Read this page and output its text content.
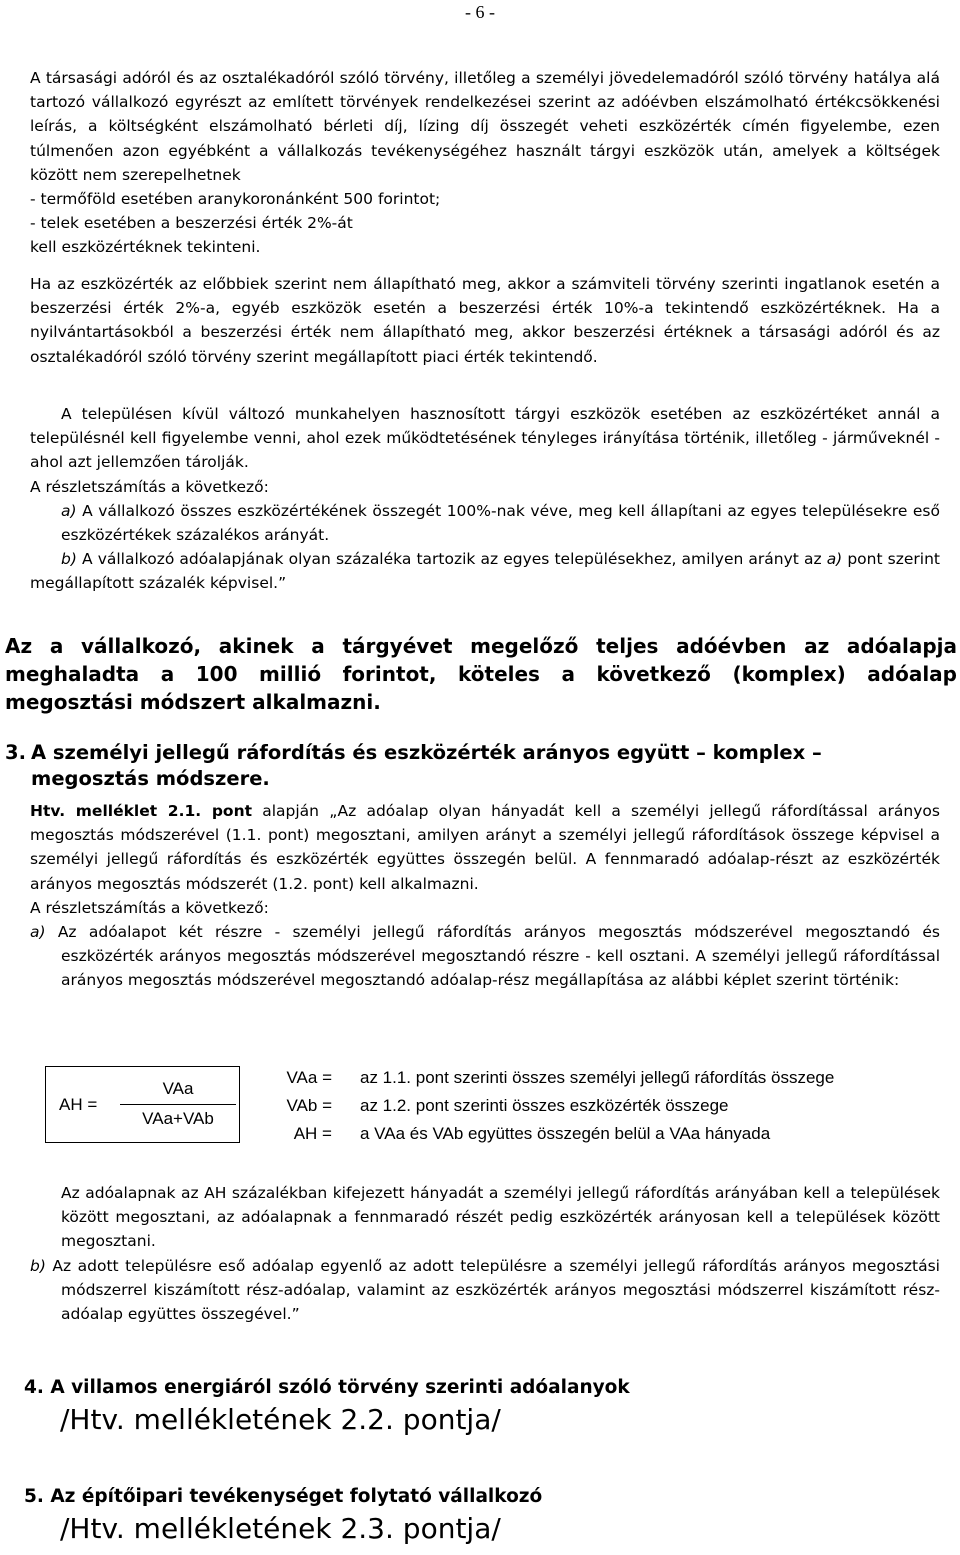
- 6 -

A társasági adóról és az osztalékadóról szóló törvény, illetőleg a személyi jövedelemadóról szóló törvény hatálya alá tartozó vállalkozó egyrészt az említett törvények rendelkezései szerint az adóévben elszámolható értékcsökkenési leírás, a költségként elszámolható bérleti díj, lízing díj összegét veheti eszközérték címén figyelembe, ezen túlmenően azon egyébként a vállalkozás tevékenységéhez használt tárgyi eszközök után, amelyek a költségek között nem szerepelhetnek

- termőföld esetében aranykoronánként 500 forintot;

- telek esetében a beszerzési érték 2%-át

kell eszközértéknek tekinteni.

Ha az eszközérték az előbbiek szerint nem állapítható meg, akkor a számviteli törvény szerinti ingatlanok esetén a beszerzési érték 2%-a, egyéb eszközök esetén a beszerzési érték 10%-a tekintendő eszközértéknek. Ha a nyilvántartásokból a beszerzési érték nem állapítható meg, akkor beszerzési értéknek a társasági adóról és az osztalékadóról szóló törvény szerint megállapított piaci érték tekintendő.

A településen kívül változó munkahelyen hasznosított tárgyi eszközök esetében az eszközértéket annál a településnél kell figyelembe venni, ahol ezek működtetésének tényleges irányítása történik, illetőleg - járműveknél - ahol azt jellemzően tárolják.

A részletszámítás a következő:

a) A vállalkozó összes eszközértékének összegét 100%-nak véve, meg kell állapítani az egyes településekre eső eszközértékek százalékos arányát.

b) A vállalkozó adóalapjának olyan százaléka tartozik az egyes településekhez, amilyen arányt az a) pont szerint megállapított százalék képvisel.”

Az a vállalkozó, akinek a tárgyévet megelőző teljes adóévben az adóalapja meghaladta a 100 millió forintot, köteles a következő (komplex) adóalap megosztási módszert alkalmazni.

3. A személyi jellegű ráfordítás és eszközérték arányos együtt – komplex –
megosztás módszere.

Htv. melléklet 2.1. pont alapján „Az adóalap olyan hányadát kell a személyi jellegű ráfordítással arányos megosztás módszerével (1.1. pont) megosztani, amilyen arányt a személyi jellegű ráfordítások összege képvisel a személyi jellegű ráfordítás és eszközérték együttes összegén belül. A fennmaradó adóalap-részt az eszközérték arányos megosztás módszerét (1.2. pont) kell alkalmazni.

A részletszámítás a következő:

a) Az adóalapot két részre - személyi jellegű ráfordítás arányos megosztás módszerével megosztandó és eszközérték arányos megosztás módszerével megosztandó részre - kell osztani. A személyi jellegű ráfordítással arányos megosztás módszerével megosztandó adóalap-rész megállapítása az alábbi képlet szerint történik:

AH =
VAa
VAa+VAb
VAa = az 1.1. pont szerinti összes személyi jellegű ráfordítás összege
VAb = az 1.2. pont szerinti összes eszközérték összege
AH = a VAa és VAb együttes összegén belül a VAa hányada

Az adóalapnak az AH százalékban kifejezett hányadát a személyi jellegű ráfordítás arányában kell a települések között megosztani, az adóalapnak a fennmaradó részét pedig eszközérték arányosan kell a települések között megosztani.

b) Az adott településre eső adóalap egyenlő az adott településre a személyi jellegű ráfordítás arányos megosztási módszerrel kiszámított rész-adóalap, valamint az eszközérték arányos megosztási módszerrel kiszámított rész-adóalap együttes összegével.”

4. A villamos energiáról szóló törvény szerinti adóalanyok
/Htv. mellékletének 2.2. pontja/
5. Az építőipari tevékenységet folytató vállalkozó
/Htv. mellékletének 2.3. pontja/
